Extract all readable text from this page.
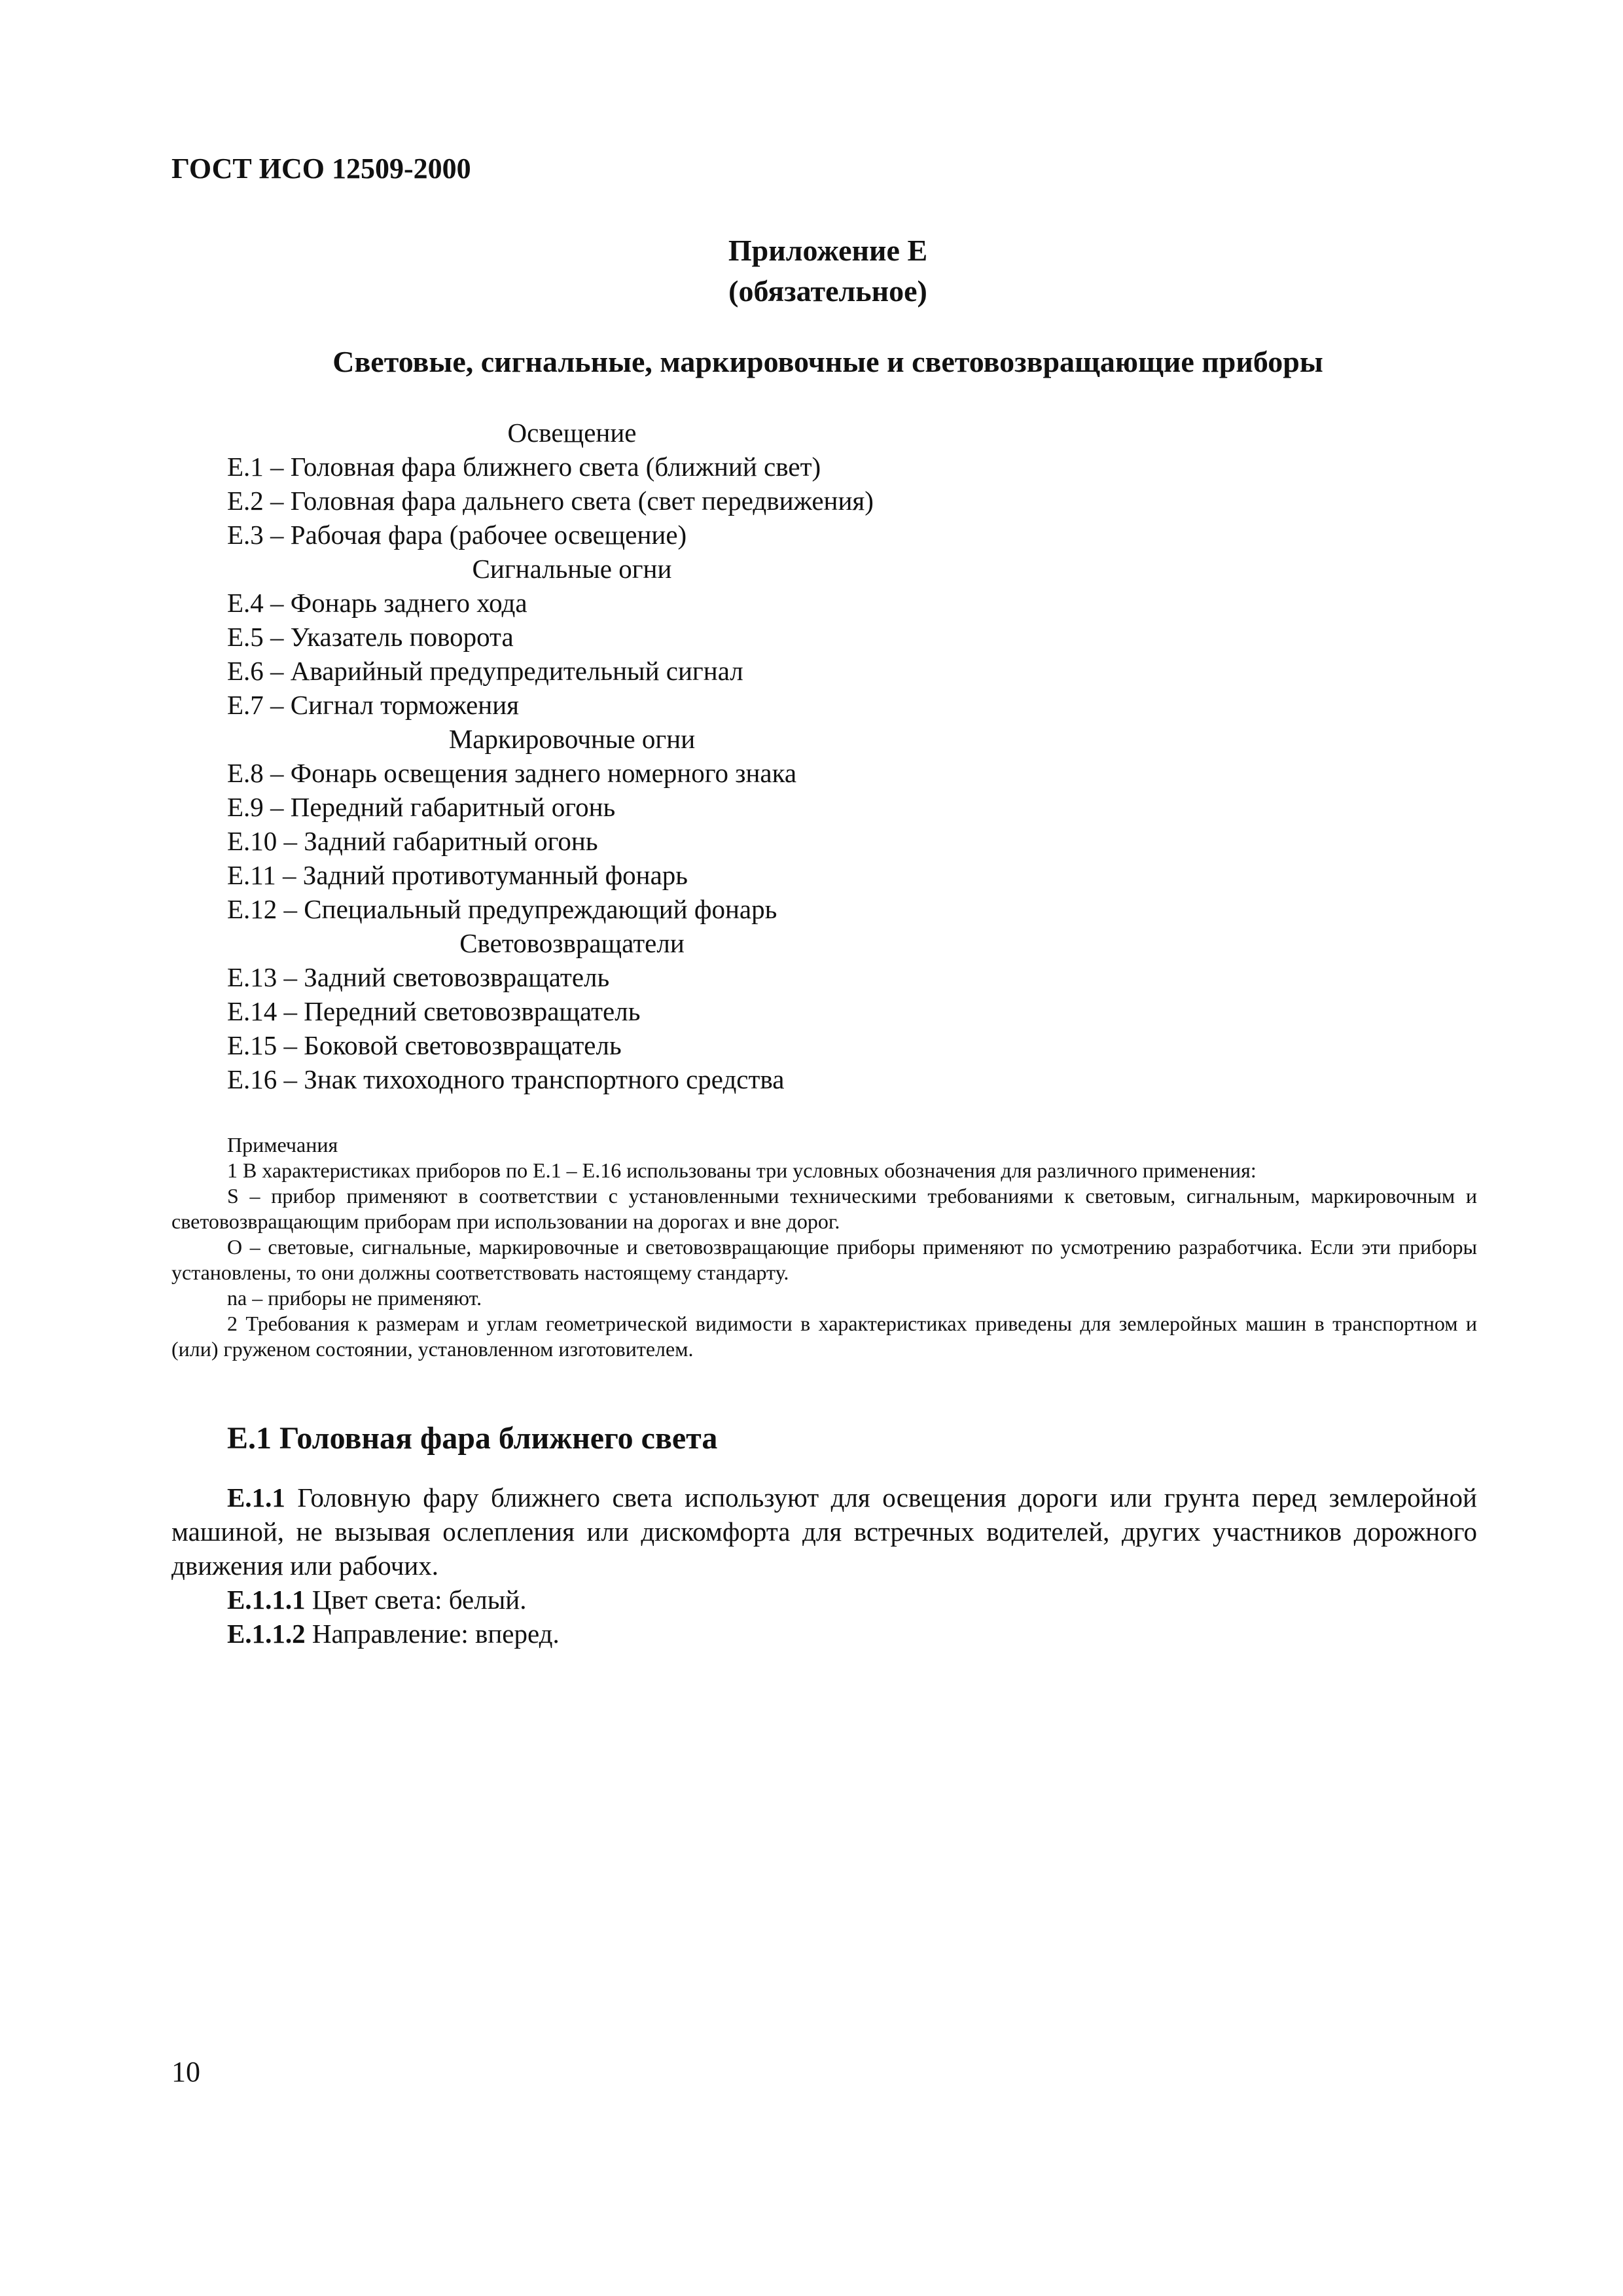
ГОСТ ИСО 12509-2000
Приложение Е
(обязательное)
Световые, сигнальные, маркировочные и световозвращающие приборы

Освещение

Е.1 – Головная фара ближнего света (ближний свет)

Е.2 – Головная фара дальнего света (свет передвижения)

Е.3 – Рабочая фара (рабочее освещение)

Сигнальные огни

Е.4 – Фонарь заднего хода

Е.5 – Указатель поворота

Е.6 – Аварийный предупредительный сигнал

Е.7 – Сигнал торможения

Маркировочные огни

Е.8 – Фонарь освещения заднего номерного знака

Е.9 – Передний габаритный огонь

Е.10 – Задний габаритный огонь

Е.11 – Задний противотуманный фонарь

Е.12 – Специальный предупреждающий фонарь

Световозвращатели

Е.13 – Задний световозвращатель

Е.14 – Передний световозвращатель

Е.15 – Боковой световозвращатель

Е.16 – Знак тихоходного транспортного средства

Примечания

1 В характеристиках приборов по Е.1 – Е.16 использованы три условных обозначения для различного применения:

S – прибор применяют в соответствии с установленными техническими требованиями к световым, сигнальным, маркировочным и световозвращающим приборам при использовании на дорогах и вне дорог.

О – световые, сигнальные, маркировочные и световозвращающие приборы применяют по усмотрению разработчика. Если эти приборы установлены, то они должны соответствовать настоящему стандарту.

na – приборы не применяют.

2 Требования к размерам и углам геометрической видимости в характеристиках приведены для землеройных машин в транспортном и (или) груженом состоянии, установленном изготовителем.

Е.1 Головная фара ближнего света

Е.1.1 Головную фару ближнего света используют для освещения дороги или грунта перед землеройной машиной, не вызывая ослепления или дискомфорта для встречных водителей, других участников дорожного движения или рабочих.

Е.1.1.1 Цвет света: белый.

Е.1.1.2 Направление: вперед.

10
